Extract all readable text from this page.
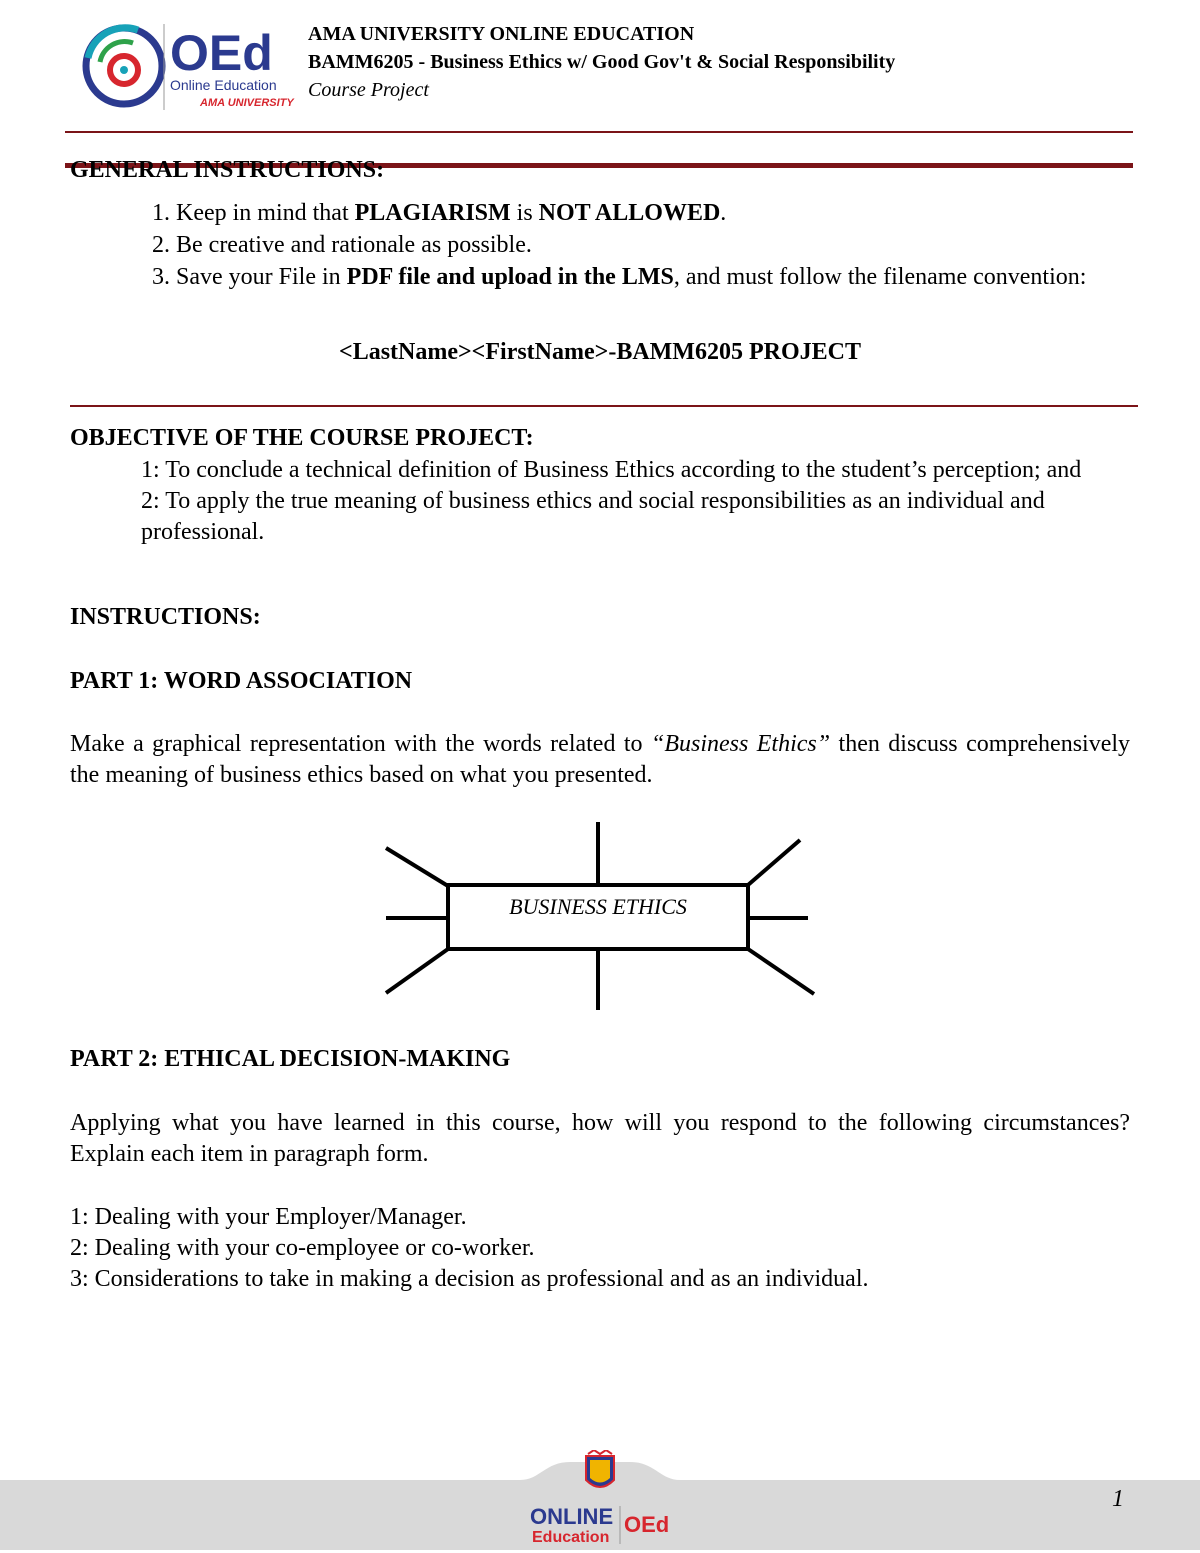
OEd
Online Education
AMA UNIVERSITY
AMA UNIVERSITY ONLINE EDUCATION
BAMM6205 - Business Ethics w/ Good Gov't & Social Responsibility
Course Project
GENERAL INSTRUCTIONS:
1. Keep in mind that PLAGIARISM is NOT ALLOWED.
2. Be creative and rationale as possible.
3. Save your File in PDF file and upload in the LMS, and must follow the filename convention:
<LastName><FirstName>-BAMM6205 PROJECT
OBJECTIVE OF THE COURSE PROJECT:
1: To conclude a technical definition of Business Ethics according to the student’s perception; and
2: To apply the true meaning of business ethics and social responsibilities as an individual and professional.
INSTRUCTIONS:
PART 1: WORD ASSOCIATION
Make a graphical representation with the words related to “Business Ethics” then discuss comprehensively the meaning of business ethics based on what you presented.
BUSINESS ETHICS
PART 2: ETHICAL DECISION-MAKING
Applying what you have learned in this course, how will you respond to the following circumstances? Explain each item in paragraph form.
1: Dealing with your Employer/Manager.
2: Dealing with your co-employee or co-worker.
3: Considerations to take in making a decision as professional and as an individual.
1
ONLINE
Education
OEd
